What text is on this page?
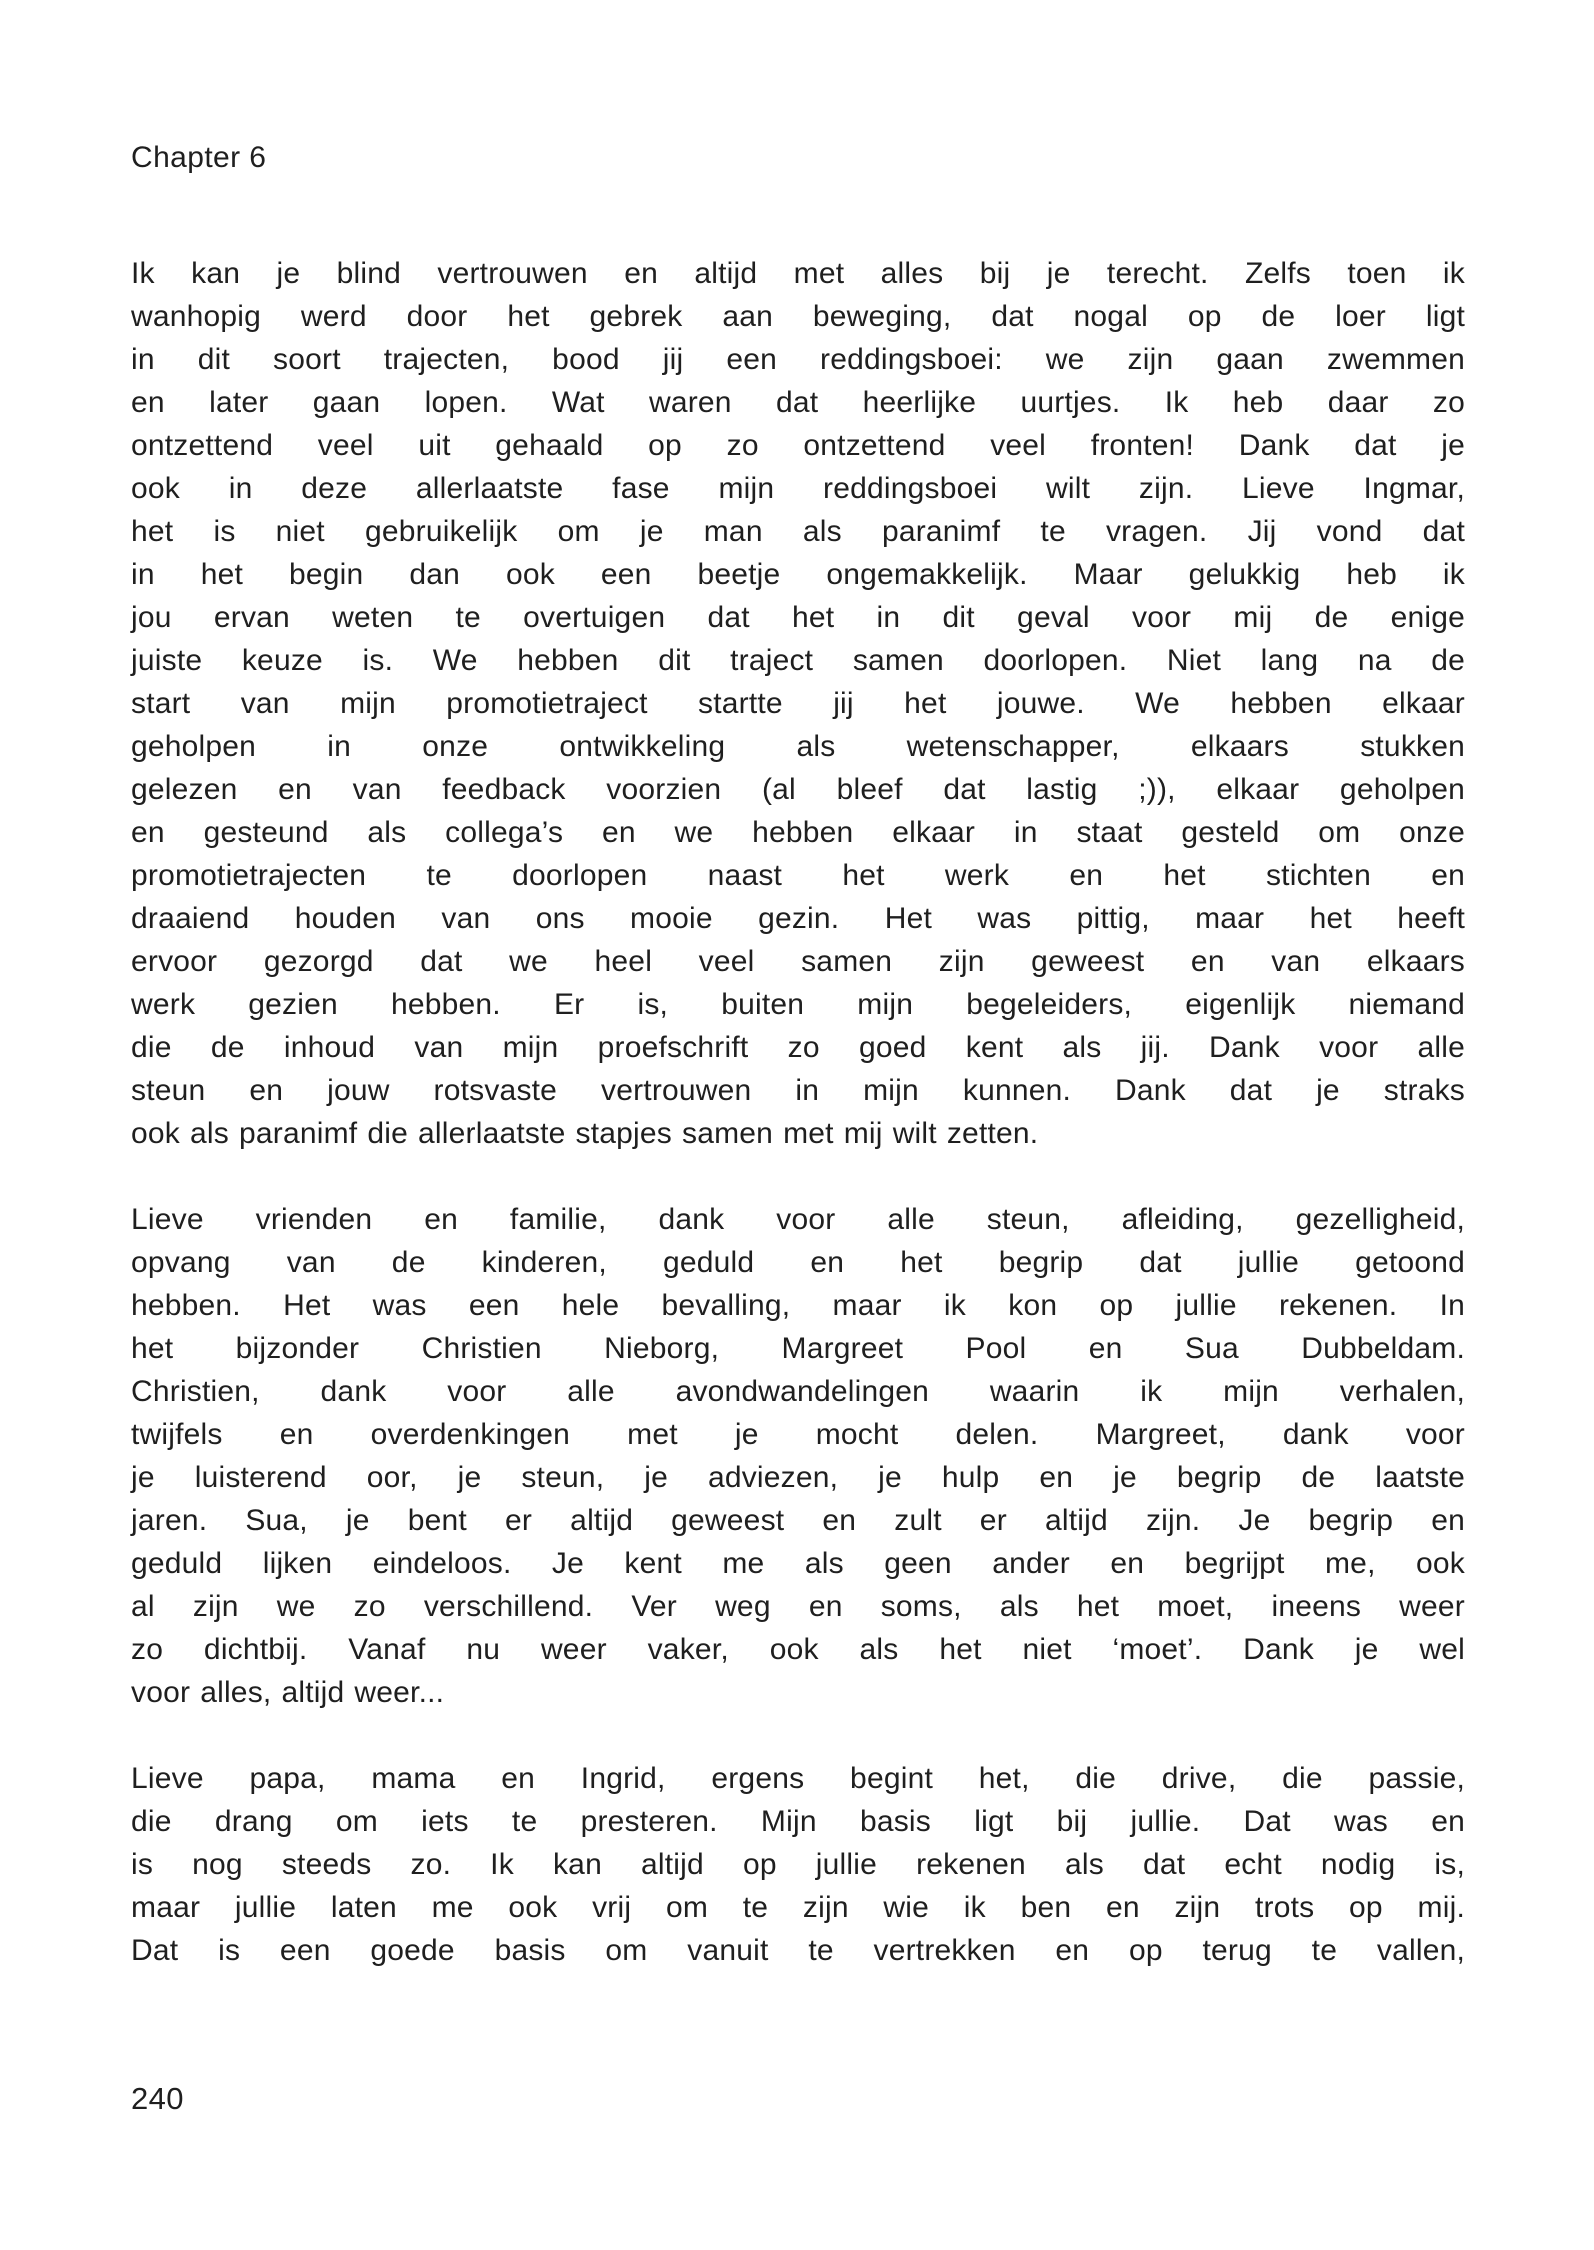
Chapter 6
Ik kan je blind vertrouwen en altijd met alles bij je terecht. Zelfs toen ik
wanhopig werd door het gebrek aan beweging, dat nogal op de loer ligt
in dit soort trajecten, bood jij een reddingsboei: we zijn gaan zwemmen
en later gaan lopen. Wat waren dat heerlijke uurtjes. Ik heb daar zo
ontzettend veel uit gehaald op zo ontzettend veel fronten! Dank dat je
ook in deze allerlaatste fase mijn reddingsboei wilt zijn. Lieve Ingmar,
het is niet gebruikelijk om je man als paranimf te vragen. Jij vond dat
in het begin dan ook een beetje ongemakkelijk. Maar gelukkig heb ik
jou ervan weten te overtuigen dat het in dit geval voor mij de enige
juiste keuze is. We hebben dit traject samen doorlopen. Niet lang na de
start van mijn promotietraject startte jij het jouwe. We hebben elkaar
geholpen in onze ontwikkeling als wetenschapper, elkaars stukken
gelezen en van feedback voorzien (al bleef dat lastig ;)), elkaar geholpen
en gesteund als collega’s en we hebben elkaar in staat gesteld om onze
promotietrajecten te doorlopen naast het werk en het stichten en
draaiend houden van ons mooie gezin. Het was pittig, maar het heeft
ervoor gezorgd dat we heel veel samen zijn geweest en van elkaars
werk gezien hebben. Er is, buiten mijn begeleiders, eigenlijk niemand
die de inhoud van mijn proefschrift zo goed kent als jij. Dank voor alle
steun en jouw rotsvaste vertrouwen in mijn kunnen. Dank dat je straks
ook als paranimf die allerlaatste stapjes samen met mij wilt zetten.
Lieve vrienden en familie, dank voor alle steun, afleiding, gezelligheid,
opvang van de kinderen, geduld en het begrip dat jullie getoond
hebben. Het was een hele bevalling, maar ik kon op jullie rekenen. In
het bijzonder Christien Nieborg, Margreet Pool en Sua Dubbeldam.
Christien, dank voor alle avondwandelingen waarin ik mijn verhalen,
twijfels en overdenkingen met je mocht delen. Margreet, dank voor
je luisterend oor, je steun, je adviezen, je hulp en je begrip de laatste
jaren. Sua, je bent er altijd geweest en zult er altijd zijn. Je begrip en
geduld lijken eindeloos. Je kent me als geen ander en begrijpt me, ook
al zijn we zo verschillend. Ver weg en soms, als het moet, ineens weer
zo dichtbij. Vanaf nu weer vaker, ook als het niet ‘moet’. Dank je wel
voor alles, altijd weer...
Lieve papa, mama en Ingrid, ergens begint het, die drive, die passie,
die drang om iets te presteren. Mijn basis ligt bij jullie. Dat was en
is nog steeds zo. Ik kan altijd op jullie rekenen als dat echt nodig is,
maar jullie laten me ook vrij om te zijn wie ik ben en zijn trots op mij.
Dat is een goede basis om vanuit te vertrekken en op terug te vallen,
240
